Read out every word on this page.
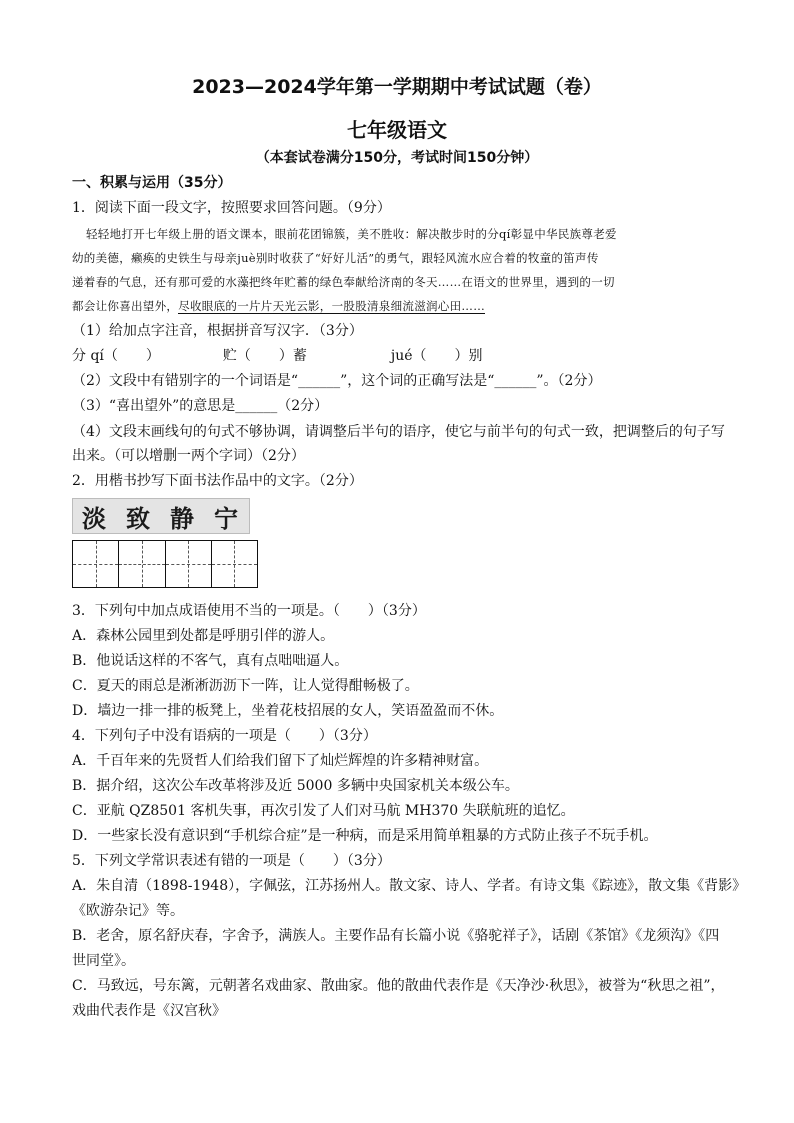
2023—2024学年第一学期期中考试试题（卷）
七年级语文
（本套试卷满分150分，考试时间150分钟）
一、积累与运用（35分）
1．阅读下面一段文字，按照要求回答问题。（9分）
轻轻地打开七年级上册的语文课本，眼前花团锦簇，美不胜收：解决散步时的分qí彰显中华民族尊老爱
幼的美德，癞痪的史铁生与母亲juè别时收获了“好好儿活”的勇气，跟轻风流水应合着的牧童的笛声传
递着春的气息，还有那可爱的水藻把终年贮蓄的绿色奉献给济南的冬天……在语文的世界里，遇到的一切
都会让你喜出望外，尽收眼底的一片片天光云影，一股股清泉细流滋润心田……
（1）给加点字注音，根据拼音写汉字．（3分）
分 qí（　　）　　　　　贮（　　）蓄　　　　　　jué（　　）别
（2）文段中有错别字的一个词语是“______”，这个词的正确写法是“______”。（2分）
（3）“喜出望外”的意思是______（2分）
（4）文段末画线句的句式不够协调，请调整后半句的语序，使它与前半句的句式一致，把调整后的句子写
出来。（可以增删一两个字词）（2分）
2．用楷书抄写下面书法作品中的文字。（2分）
淡 致 静 宁
3．下列句中加点成语使用不当的一项是。（　　）（3分）
A．森林公园里到处都是呼朋引伴的游人。
B．他说话这样的不客气，真有点咄咄逼人。
C．夏天的雨总是淅淅沥沥下一阵，让人觉得酣畅极了。
D．墙边一排一排的板凳上，坐着花枝招展的女人，笑语盈盈而不休。
4．下列句子中没有语病的一项是（　　）（3分）
A．千百年来的先贤哲人们给我们留下了灿烂辉煌的许多精神财富。
B．据介绍，这次公车改革将涉及近 5000 多辆中央国家机关本级公车。
C．亚航 QZ8501 客机失事，再次引发了人们对马航 MH370 失联航班的追忆。
D．一些家长没有意识到“手机综合症”是一种病，而是采用简单粗暴的方式防止孩子不玩手机。
5．下列文学常识表述有错的一项是（　　）（3分）
A．朱自清（1898-1948），字佩弦，江苏扬州人。散文家、诗人、学者。有诗文集《踪迹》，散文集《背影》
《欧游杂记》等。
B．老舍，原名舒庆春，字舍予，满族人。主要作品有长篇小说《骆驼祥子》，话剧《茶馆》《龙须沟》《四
世同堂》。
C．马致远，号东篱，元朝著名戏曲家、散曲家。他的散曲代表作是《天净沙·秋思》，被誉为“秋思之祖”，
戏曲代表作是《汉宫秋》
